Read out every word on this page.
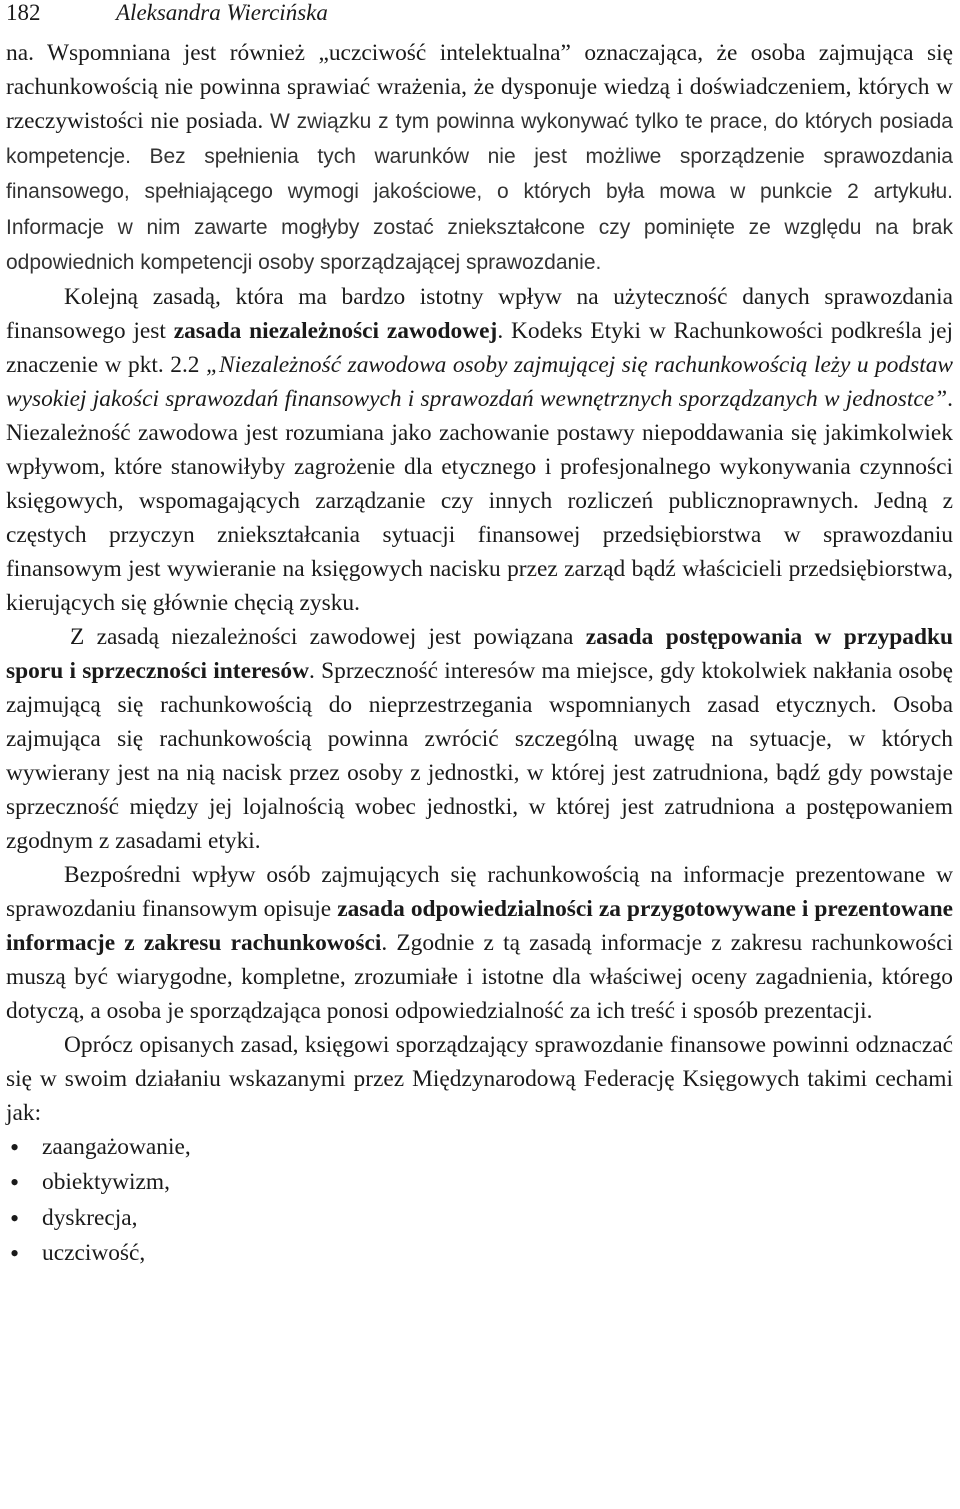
182	Aleksandra Wiercińska

na. Wspomniana jest również „uczciwość intelektualna” oznaczająca, że osoba zajmująca się rachunkowością nie powinna sprawiać wrażenia, że dysponuje wiedzą i doświadczeniem, których w rzeczywistości nie posiada. W związku z tym powinna wykonywać tylko te prace, do których posiada kompetencje. Bez spełnienia tych warunków nie jest możliwe sporządzenie sprawozdania finansowego, spełniającego wymogi jakościowe, o których była mowa w punkcie 2 artykułu. Informacje w nim zawarte mogłyby zostać zniekształcone czy pominięte ze względu na brak odpowiednich kompetencji osoby sporządzającej sprawozdanie.

Kolejną zasadą, która ma bardzo istotny wpływ na użyteczność danych sprawozdania finansowego jest zasada niezależności zawodowej. Kodeks Etyki w Rachunkowości podkreśla jej znaczenie w pkt. 2.2 „Niezależność zawodowa osoby zajmującej się rachunkowością leży u podstaw wysokiej jakości sprawozdań finansowych i sprawozdań wewnętrznych sporządzanych w jednostce”. Niezależność zawodowa jest rozumiana jako zachowanie postawy niepoddawania się jakimkolwiek wpływom, które stanowiłyby zagrożenie dla etycznego i profesjonalnego wykonywania czynności księgowych, wspomagających zarządzanie czy innych rozliczeń publicznoprawnych. Jedną z częstych przyczyn zniekształcania sytuacji finansowej przedsiębiorstwa w sprawozdaniu finansowym jest wywieranie na księgowych nacisku przez zarząd bądź właścicieli przedsiębiorstwa, kierujących się głównie chęcią zysku.

Z zasadą niezależności zawodowej jest powiązana zasada postępowania w przypadku sporu i sprzeczności interesów. Sprzeczność interesów ma miejsce, gdy ktokolwiek nakłania osobę zajmującą się rachunkowością do nieprzestrzegania wspomnianych zasad etycznych. Osoba zajmująca się rachunkowością powinna zwrócić szczególną uwagę na sytuacje, w których wywierany jest na nią nacisk przez osoby z jednostki, w której jest zatrudniona, bądź gdy powstaje sprzeczność między jej lojalnością wobec jednostki, w której jest zatrudniona a postępowaniem zgodnym z zasadami etyki.

Bezpośredni wpływ osób zajmujących się rachunkowością na informacje prezentowane w sprawozdaniu finansowym opisuje zasada odpowiedzialności za przygotowywane i prezentowane informacje z zakresu rachunkowości. Zgodnie z tą zasadą informacje z zakresu rachunkowości muszą być wiarygodne, kompletne, zrozumiałe i istotne dla właściwej oceny zagadnienia, którego dotyczą, a osoba je sporządzająca ponosi odpowiedzialność za ich treść i sposób prezentacji.

Oprócz opisanych zasad, księgowi sporządzający sprawozdanie finansowe powinni odznaczać się w swoim działaniu wskazanymi przez Międzynarodową Federację Księgowych takimi cechami jak:

• zaangażowanie,
• obiektywizm,
• dyskrecja,
• uczciwość,
